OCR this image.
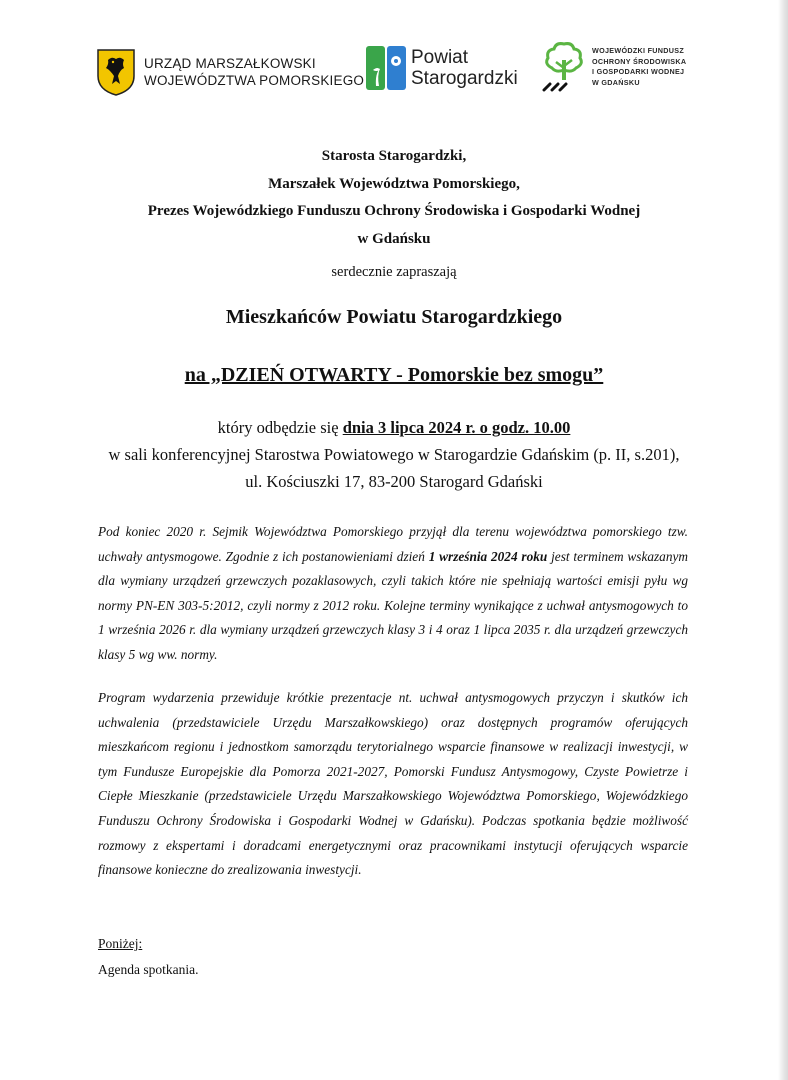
URZĄD MARSZAŁKOWSKI
WOJEWÓDZTWA POMORSKIEGO
Powiat
Starogardzki
WOJEWÓDZKI FUNDUSZ
OCHRONY ŚRODOWISKA
I GOSPODARKI WODNEJ
W GDAŃSKU
Starosta Starogardzki,
Marszałek Województwa Pomorskiego,
Prezes Wojewódzkiego Funduszu Ochrony Środowiska i Gospodarki Wodnej
w Gdańsku
serdecznie zapraszają
Mieszkańców Powiatu Starogardzkiego
na „DZIEŃ OTWARTY - Pomorskie bez smogu”
który odbędzie się dnia 3 lipca 2024 r. o godz. 10.00
w sali konferencyjnej Starostwa Powiatowego w Starogardzie Gdańskim (p. II, s.201),
ul. Kościuszki 17, 83-200 Starogard Gdański

Pod koniec 2020 r. Sejmik Województwa Pomorskiego przyjął dla terenu województwa pomorskiego tzw. uchwały antysmogowe. Zgodnie z ich postanowieniami dzień 1 września 2024 roku jest terminem wskazanym dla wymiany urządzeń grzewczych pozaklasowych, czyli takich które nie spełniają wartości emisji pyłu wg normy PN-EN 303-5:2012, czyli normy z 2012 roku. Kolejne terminy wynikające z uchwał antysmogowych to 1 września 2026 r. dla wymiany urządzeń grzewczych klasy 3 i 4 oraz 1 lipca 2035 r. dla urządzeń grzewczych klasy 5 wg ww. normy.

Program wydarzenia przewiduje krótkie prezentacje nt. uchwał antysmogowych przyczyn i skutków ich uchwalenia (przedstawiciele Urzędu Marszałkowskiego) oraz dostępnych programów oferujących mieszkańcom regionu i jednostkom samorządu terytorialnego wsparcie finansowe w realizacji inwestycji, w tym Fundusze Europejskie dla Pomorza 2021-2027, Pomorski Fundusz Antysmogowy, Czyste Powietrze i Ciepłe Mieszkanie (przedstawiciele Urzędu Marszałkowskiego Województwa Pomorskiego, Wojewódzkiego Funduszu Ochrony Środowiska i Gospodarki Wodnej w Gdańsku). Podczas spotkania będzie możliwość rozmowy z ekspertami i doradcami energetycznymi oraz pracownikami instytucji oferujących wsparcie finansowe konieczne do zrealizowania inwestycji.

Poniżej:
Agenda spotkania.
